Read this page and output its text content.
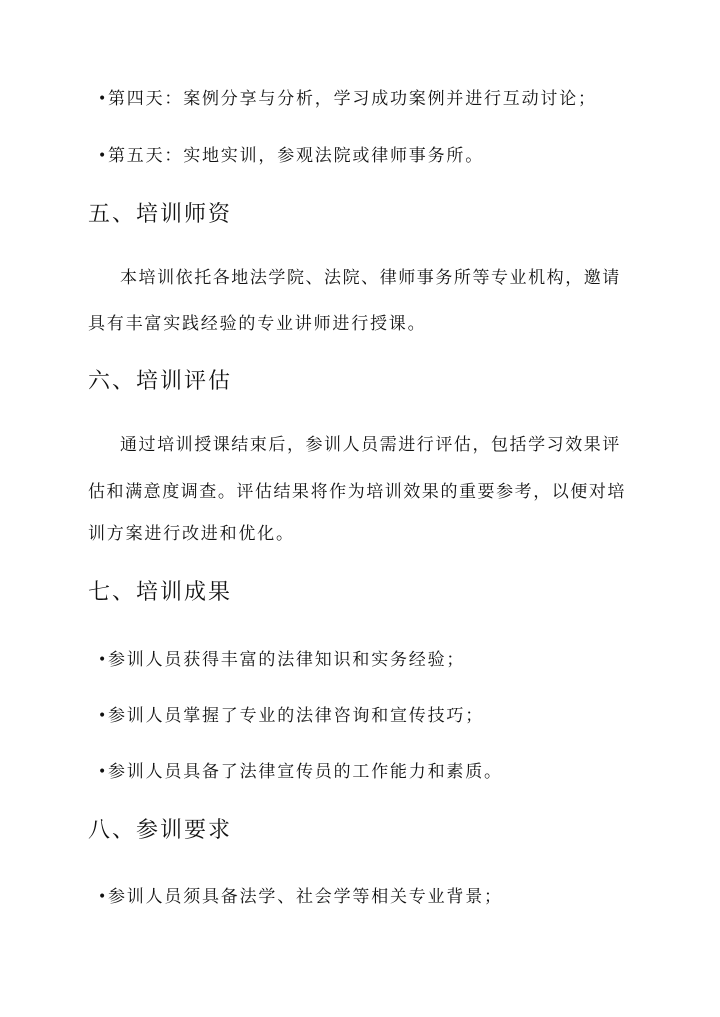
• 第四天：案例分享与分析，学习成功案例并进行互动讨论；
• 第五天：实地实训，参观法院或律师事务所。
五、培训师资
本培训依托各地法学院、法院、律师事务所等专业机构，邀请
具有丰富实践经验的专业讲师进行授课。
六、培训评估
通过培训授课结束后，参训人员需进行评估，包括学习效果评
估和满意度调查。评估结果将作为培训效果的重要参考，以便对培
训方案进行改进和优化。
七、培训成果
• 参训人员获得丰富的法律知识和实务经验；
• 参训人员掌握了专业的法律咨询和宣传技巧；
• 参训人员具备了法律宣传员的工作能力和素质。
八、参训要求
• 参训人员须具备法学、社会学等相关专业背景；
